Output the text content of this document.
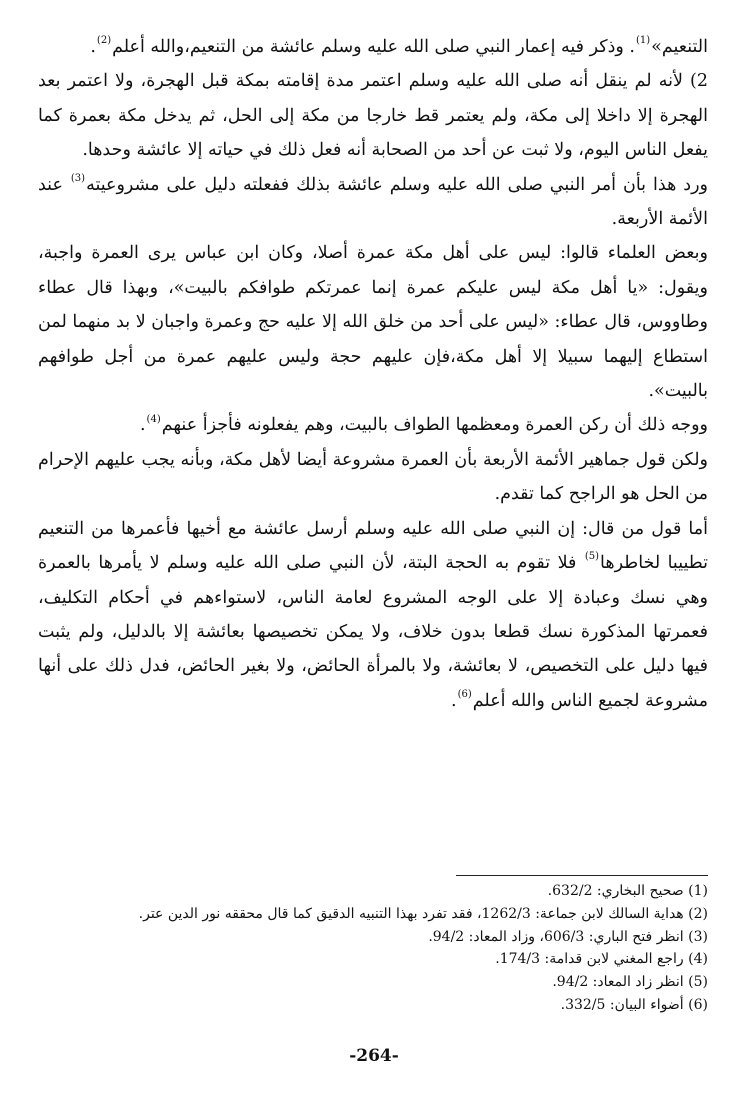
التنعيم»$^{(1)}$. وذكر فيه إعمار النبي صلى الله عليه وسلم عائشة من التنعيم،والله أعلم$^{(2)}$.

2) لأنه لم ينقل أنه صلى الله عليه وسلم اعتمر مدة إقامته بمكة قبل الهجرة، ولا اعتمر بعد الهجرة إلا داخلا إلى مكة، ولم يعتمر قط خارجا من مكة إلى الحل، ثم يدخل مكة بعمرة كما يفعل الناس اليوم، ولا ثبت عن أحد من الصحابة أنه فعل ذلك في حياته إلا عائشة وحدها.

ورد هذا بأن أمر النبي صلى الله عليه وسلم عائشة بذلك ففعلته دليل على مشروعيته$^{(3)}$ عند الأئمة الأربعة.

وبعض العلماء قالوا: ليس على أهل مكة عمرة أصلا، وكان ابن عباس يرى العمرة واجبة، ويقول: «يا أهل مكة ليس عليكم عمرة إنما عمرتكم طوافكم بالبيت»، وبهذا قال عطاء وطاووس، قال عطاء: «ليس على أحد من خلق الله إلا عليه حج وعمرة واجبان لا بد منهما لمن استطاع إليهما سبيلا إلا أهل مكة،فإن عليهم حجة وليس عليهم عمرة من أجل طوافهم بالبيت».

ووجه ذلك أن ركن العمرة ومعظمها الطواف بالبيت، وهم يفعلونه فأجزأ عنهم$^{(4)}$.

ولكن قول جماهير الأئمة الأربعة بأن العمرة مشروعة أيضا لأهل مكة، وبأنه يجب عليهم الإحرام من الحل هو الراجح كما تقدم.

أما قول من قال: إن النبي صلى الله عليه وسلم أرسل عائشة مع أخيها فأعمرها من التنعيم تطييبا لخاطرها$^{(5)}$ فلا تقوم به الحجة البتة، لأن النبي صلى الله عليه وسلم لا يأمرها بالعمرة وهي نسك وعبادة إلا على الوجه المشروع لعامة الناس، لاستواءهم في أحكام التكليف، فعمرتها المذكورة نسك قطعا بدون خلاف، ولا يمكن تخصيصها بعائشة إلا بالدليل، ولم يثبت فيها دليل على التخصيص، لا بعائشة، ولا بالمرأة الحائض، ولا بغير الحائض، فدل ذلك على أنها مشروعة لجميع الناس والله أعلم$^{(6)}$.

(1) صحيح البخاري: 632/2.

(2) هداية السالك لابن جماعة: 1262/3، فقد تفرد بهذا التنبيه الدقيق كما قال محققه نور الدين عتر.

(3) انظر فتح الباري: 606/3، وزاد المعاد: 94/2.

(4) راجع المغني لابن قدامة: 174/3.

(5) انظر زاد المعاد: 94/2.

(6) أضواء البيان: 332/5.

-264-
